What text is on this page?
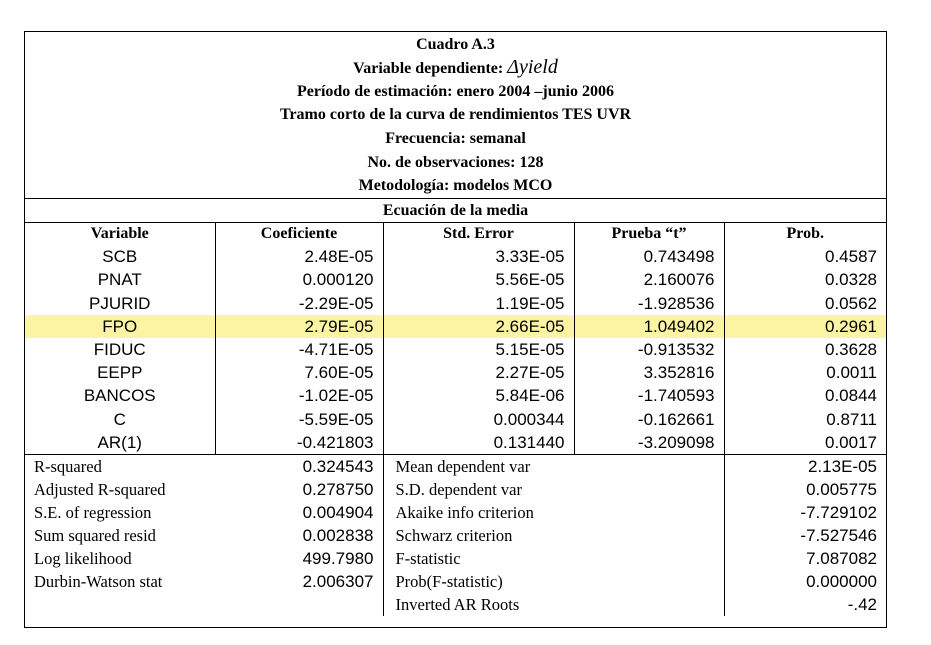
Cuadro A.3
Variable dependiente: Δyield
Período de estimación: enero 2004 –junio 2006
Tramo corto de la curva de rendimientos TES UVR
Frecuencia: semanal
No. de observaciones: 128
Metodología: modelos MCO
Ecuación de la media
Variable	Coeficiente	Std. Error	Prueba “t”	Prob.
SCB	2.48E-05	3.33E-05	0.743498	0.4587
PNAT	0.000120	5.56E-05	2.160076	0.0328
PJURID	-2.29E-05	1.19E-05	-1.928536	0.0562
FPO	2.79E-05	2.66E-05	1.049402	0.2961
FIDUC	-4.71E-05	5.15E-05	-0.913532	0.3628
EEPP	7.60E-05	2.27E-05	3.352816	0.0011
BANCOS	-1.02E-05	5.84E-06	-1.740593	0.0844
C	-5.59E-05	0.000344	-0.162661	0.8711
AR(1)	-0.421803	0.131440	-3.209098	0.0017
R-squared	0.324543	Mean dependent var		2.13E-05
Adjusted R-squared	0.278750	S.D. dependent var		0.005775
S.E. of regression	0.004904	Akaike info criterion		-7.729102
Sum squared resid	0.002838	Schwarz criterion		-7.527546
Log likelihood	499.7980	F-statistic		7.087082
Durbin-Watson stat	2.006307	Prob(F-statistic)		0.000000
		Inverted AR Roots		-.42
